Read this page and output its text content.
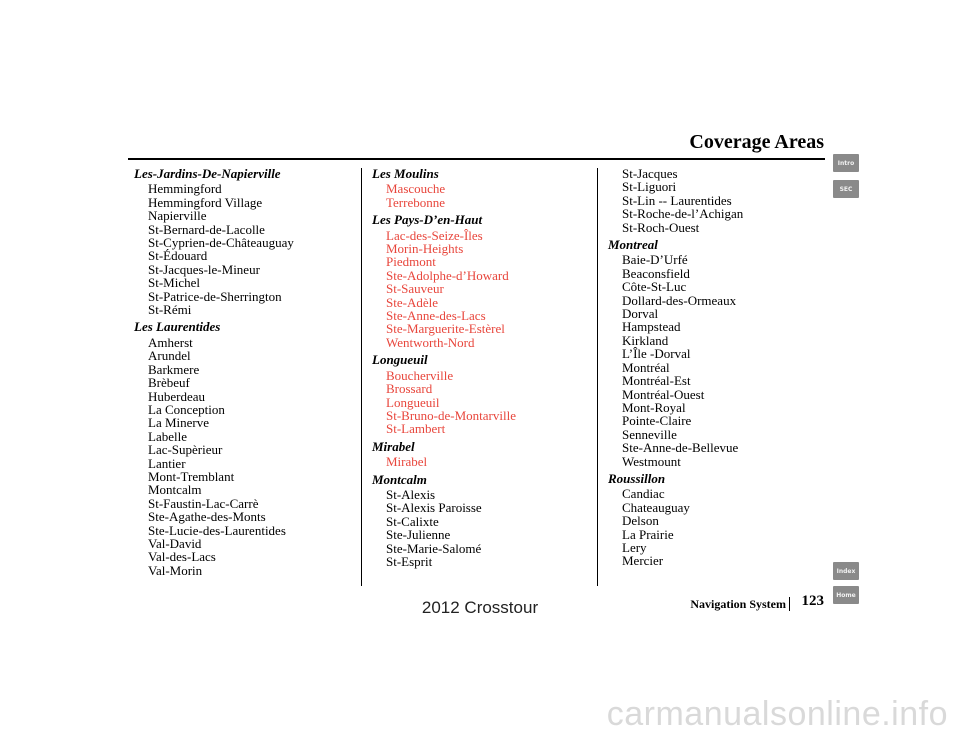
Coverage Areas
Les-Jardins-De-Napierville
Hemmingford
Hemmingford Village
Napierville
St-Bernard-de-Lacolle
St-Cyprien-de-Châteauguay
St-Édouard
St-Jacques-le-Mineur
St-Michel
St-Patrice-de-Sherrington
St-Rémi
Les Laurentides
Amherst
Arundel
Barkmere
Brèbeuf
Huberdeau
La Conception
La Minerve
Labelle
Lac-Supèrieur
Lantier
Mont-Tremblant
Montcalm
St-Faustin-Lac-Carrè
Ste-Agathe-des-Monts
Ste-Lucie-des-Laurentides
Val-David
Val-des-Lacs
Val-Morin
Les Moulins
Mascouche
Terrebonne
Les Pays-D’en-Haut
Lac-des-Seize-Îles
Morin-Heights
Piedmont
Ste-Adolphe-d’Howard
St-Sauveur
Ste-Adèle
Ste-Anne-des-Lacs
Ste-Marguerite-Estèrel
Wentworth-Nord
Longueuil
Boucherville
Brossard
Longueuil
St-Bruno-de-Montarville
St-Lambert
Mirabel
Mirabel
Montcalm
St-Alexis
St-Alexis Paroisse
St-Calixte
Ste-Julienne
Ste-Marie-Salomé
St-Esprit
St-Jacques
St-Liguori
St-Lin -- Laurentides
St-Roche-de-l’Achigan
St-Roch-Ouest
Montreal
Baie-D’Urfé
Beaconsfield
Côte-St-Luc
Dollard-des-Ormeaux
Dorval
Hampstead
Kirkland
L’Île -Dorval
Montréal
Montréal-Est
Montréal-Ouest
Mont-Royal
Pointe-Claire
Senneville
Ste-Anne-de-Bellevue
Westmount
Roussillon
Candiac
Chateauguay
Delson
La Prairie
Lery
Mercier
Intro
SEC
Index
Home
Navigation System 123
2012 Crosstour
carmanualsonline.info
